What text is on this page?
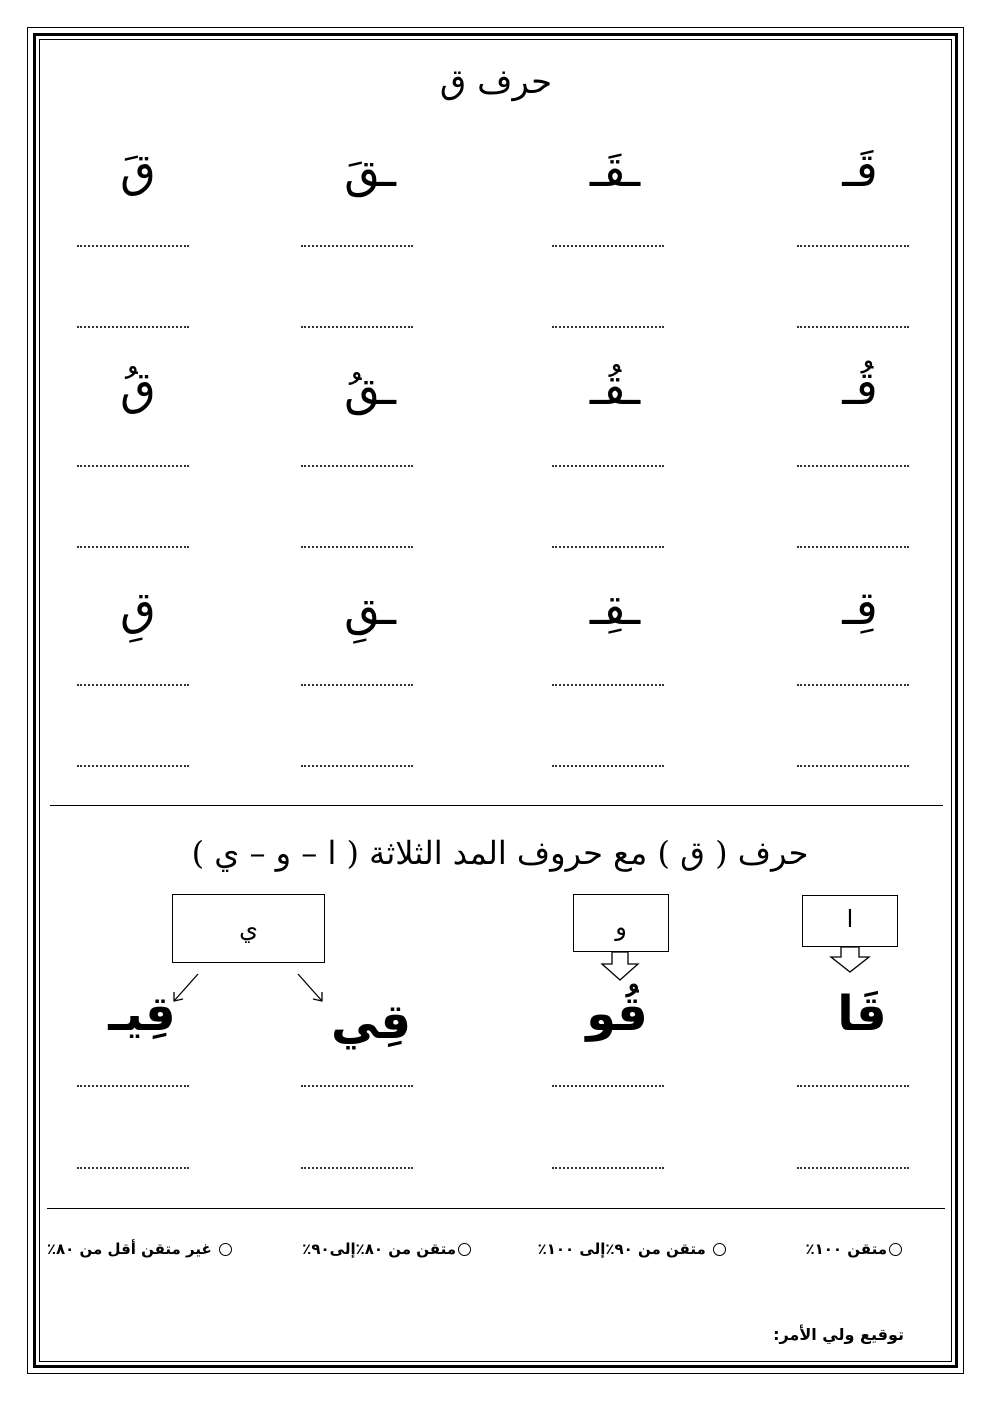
حرف ق
قَـ
ـقَـ
ـقَ
قَ
قُـ
ـقُـ
ـقُ
قُ
قِـ
ـقِـ
ـقِ
قِ
حرف ( ق ) مع حروف المد الثلاثة ( ا – و – ي )
ا
و
ي
قَا
قُو
قِي
قِيـ
متقن ١٠٠٪
متقن من ٩٠٪إلى ١٠٠٪
متقن من ٨٠٪إلى٩٠٪
غير متقن أقل من ٨٠٪
توقيع ولي الأمر:
